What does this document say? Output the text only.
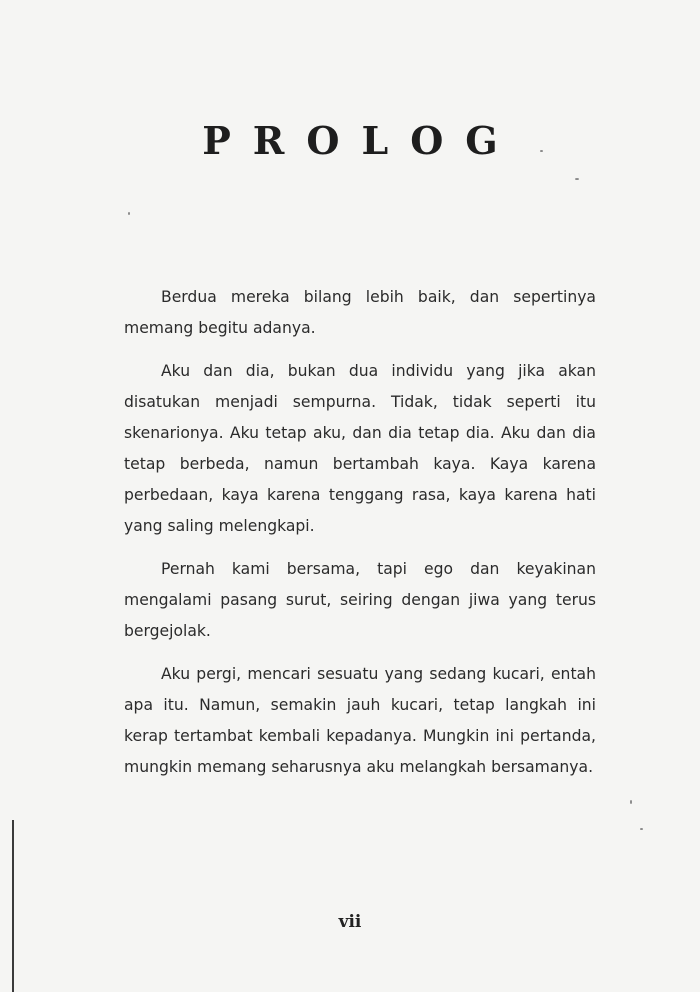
PROLOG

Berdua mereka bilang lebih baik, dan sepertinya memang begitu adanya.

Aku dan dia, bukan dua individu yang jika akan disatukan menjadi sempurna. Tidak, tidak seperti itu skenarionya. Aku tetap aku, dan dia tetap dia. Aku dan dia tetap berbeda, namun bertambah kaya. Kaya karena perbedaan, kaya karena tenggang rasa, kaya karena hati yang saling melengkapi.

Pernah kami bersama, tapi ego dan keyakinan mengalami pasang surut, seiring dengan jiwa yang terus bergejolak.

Aku pergi, mencari sesuatu yang sedang kucari, entah apa itu. Namun, semakin jauh kucari, tetap langkah ini kerap tertambat kembali kepadanya. Mungkin ini pertanda, mungkin memang seharusnya aku melangkah bersamanya.

vii
